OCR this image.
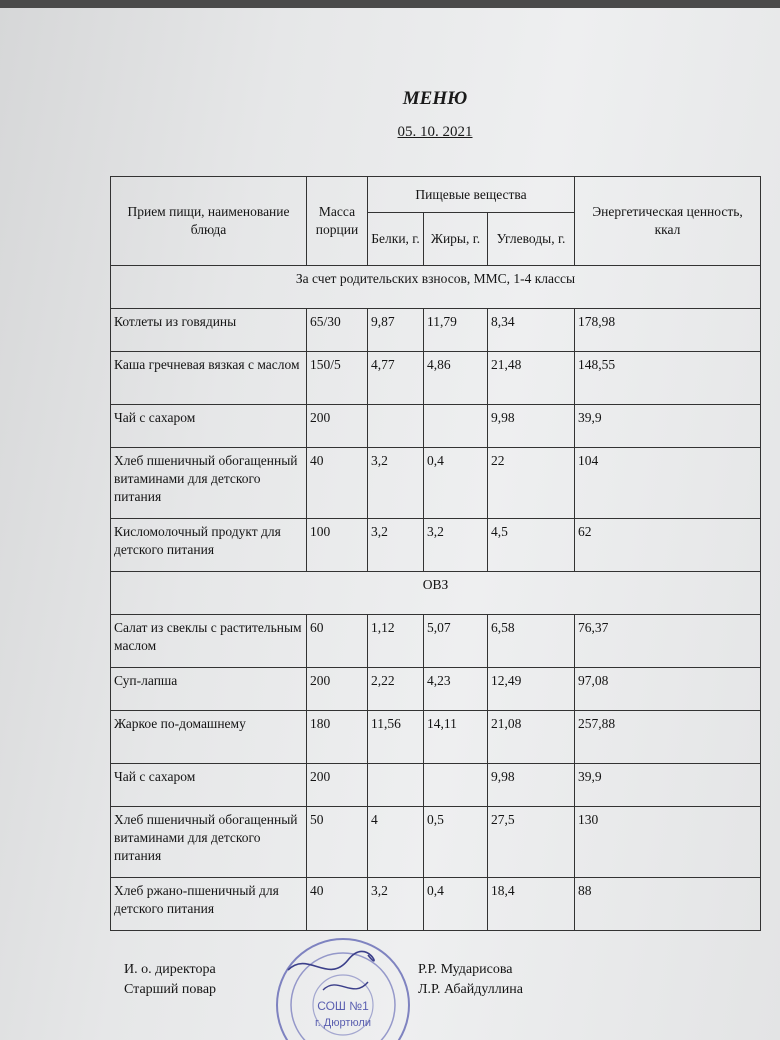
МЕНЮ
05. 10. 2021
Прием пищи, наименование блюда	Масса порции	Пищевые вещества			Энергетическая ценность, ккал
		Белки, г.	Жиры, г.	Углеводы, г.	
За счет родительских взносов, ММС, 1-4 классы					
Котлеты из говядины	65/30	9,87	11,79	8,34	178,98
Каша гречневая вязкая с маслом	150/5	4,77	4,86	21,48	148,55
Чай с сахаром	200			9,98	39,9
Хлеб пшеничный обогащенный витаминами для детского питания	40	3,2	0,4	22	104
Кисломолочный продукт для детского питания	100	3,2	3,2	4,5	62
ОВЗ					
Салат из свеклы с растительным маслом	60	1,12	5,07	6,58	76,37
Суп-лапша	200	2,22	4,23	12,49	97,08
Жаркое по-домашнему	180	11,56	14,11	21,08	257,88
Чай с сахаром	200			9,98	39,9
Хлеб пшеничный обогащенный витаминами для детского питания	50	4	0,5	27,5	130
Хлеб ржано-пшеничный для детского питания	40	3,2	0,4	18,4	88
И. о. директора	Р.Р. Мударисова
Старший повар	Л.Р. Абайдуллина
СОШ №1
г. Дюртюли
